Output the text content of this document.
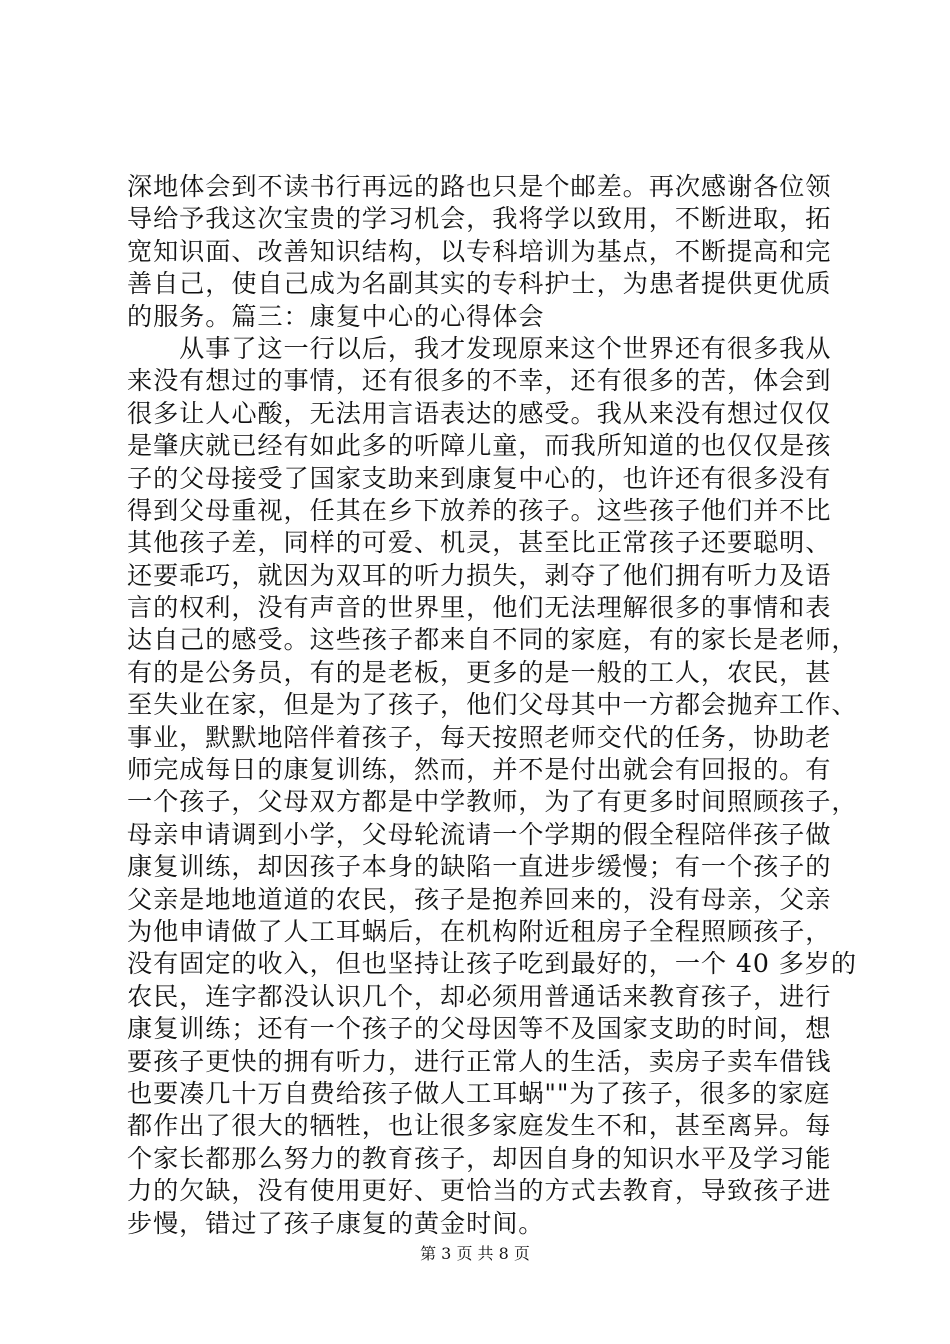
深地体会到不读书行再远的路也只是个邮差。再次感谢各位领
导给予我这次宝贵的学习机会，我将学以致用，不断进取，拓
宽知识面、改善知识结构，以专科培训为基点，不断提高和完
善自己，使自己成为名副其实的专科护士，为患者提供更优质
的服务。篇三：康复中心的心得体会
　　从事了这一行以后，我才发现原来这个世界还有很多我从
来没有想过的事情，还有很多的不幸，还有很多的苦，体会到
很多让人心酸，无法用言语表达的感受。我从来没有想过仅仅
是肇庆就已经有如此多的听障儿童，而我所知道的也仅仅是孩
子的父母接受了国家支助来到康复中心的，也许还有很多没有
得到父母重视，任其在乡下放养的孩子。这些孩子他们并不比
其他孩子差，同样的可爱、机灵，甚至比正常孩子还要聪明、
还要乖巧，就因为双耳的听力损失，剥夺了他们拥有听力及语
言的权利，没有声音的世界里，他们无法理解很多的事情和表
达自己的感受。这些孩子都来自不同的家庭，有的家长是老师，
有的是公务员，有的是老板，更多的是一般的工人，农民，甚
至失业在家，但是为了孩子，他们父母其中一方都会抛弃工作、
事业，默默地陪伴着孩子，每天按照老师交代的任务，协助老
师完成每日的康复训练，然而，并不是付出就会有回报的。有
一个孩子，父母双方都是中学教师，为了有更多时间照顾孩子，
母亲申请调到小学，父母轮流请一个学期的假全程陪伴孩子做
康复训练，却因孩子本身的缺陷一直进步缓慢；有一个孩子的
父亲是地地道道的农民，孩子是抱养回来的，没有母亲，父亲
为他申请做了人工耳蜗后，在机构附近租房子全程照顾孩子，
没有固定的收入，但也坚持让孩子吃到最好的，一个 40 多岁的
农民，连字都没认识几个，却必须用普通话来教育孩子，进行
康复训练；还有一个孩子的父母因等不及国家支助的时间，想
要孩子更快的拥有听力，进行正常人的生活，卖房子卖车借钱
也要凑几十万自费给孩子做人工耳蜗""为了孩子，很多的家庭
都作出了很大的牺牲，也让很多家庭发生不和，甚至离异。每
个家长都那么努力的教育孩子，却因自身的知识水平及学习能
力的欠缺，没有使用更好、更恰当的方式去教育，导致孩子进
步慢，错过了孩子康复的黄金时间。
第 3 页 共 8 页
